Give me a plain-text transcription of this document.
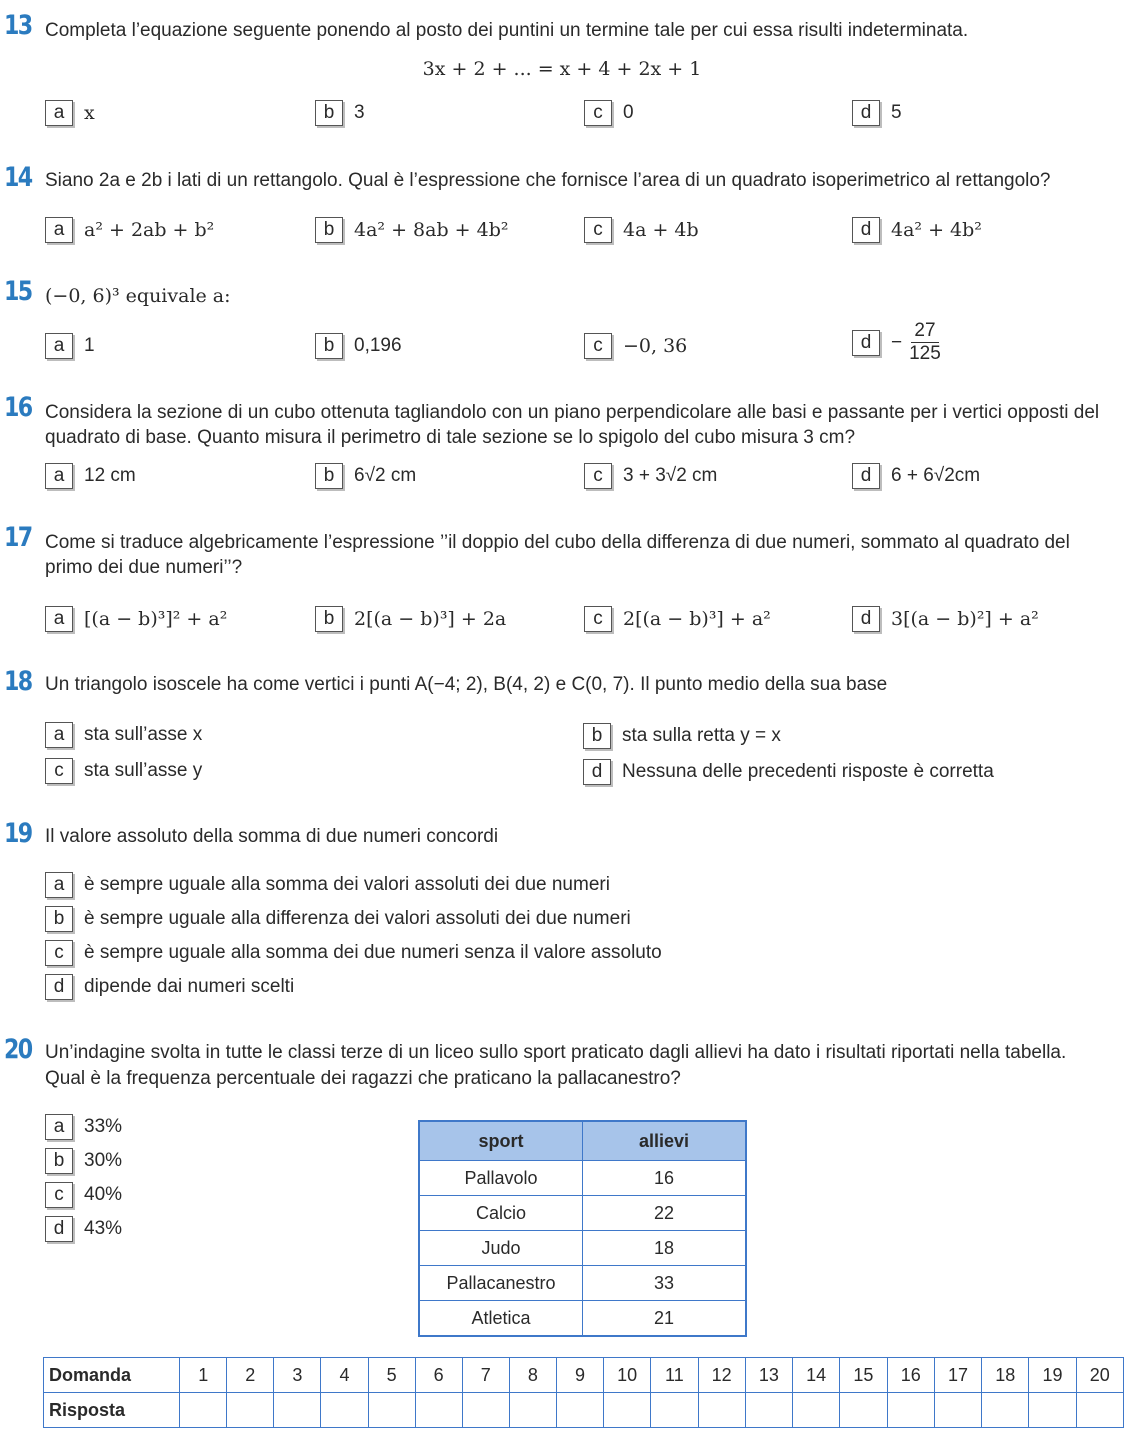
13 Completa l’equazione seguente ponendo al posto dei puntini un termine tale per cui essa risulti indeterminata.
3x + 2 + ... = x + 4 + 2x + 1
a	x	b	3	c	0	d	5
14 Siano 2a e 2b i lati di un rettangolo. Qual è l’espressione che fornisce l’area di un quadrato isoperimetrico al rettangolo?
a	a² + 2ab + b²	b	4a² + 8ab + 4b²	c	4a + 4b	d	4a² + 4b²
15 (−0, 6)³ equivale a:
a	1	b	0,196	c	−0, 36	d	− $\frac{27}{125}$
16 Considera la sezione di un cubo ottenuta tagliandolo con un piano perpendicolare alle basi e passante per i vertici opposti del quadrato di base. Quanto misura il perimetro di tale sezione se lo spigolo del cubo misura 3 cm?
a	12 cm	b	6√2 cm	c	3 + 3√2 cm	d	6 + 6√2cm
17 Come si traduce algebricamente l’espressione ’’il doppio del cubo della differenza di due numeri, sommato al quadrato del primo dei due numeri’’?
a	[(a − b)³]² + a²	b	2[(a − b)³] + 2a	c	2[(a − b)³] + a²	d	3[(a − b)²] + a²
18 Un triangolo isoscele ha come vertici i punti A(−4; 2), B(4, 2) e C(0, 7). Il punto medio della sua base
a	sta sull’asse x	b	sta sulla retta y = x
c	sta sull’asse y	d	Nessuna delle precedenti risposte è corretta
19 Il valore assoluto della somma di due numeri concordi
a	è sempre uguale alla somma dei valori assoluti dei due numeri
b	è sempre uguale alla differenza dei valori assoluti dei due numeri
c	è sempre uguale alla somma dei due numeri senza il valore assoluto
d	dipende dai numeri scelti
20 Un’indagine svolta in tutte le classi terze di un liceo sullo sport praticato dagli allievi ha dato i risultati riportati nella tabella.
Qual è la frequenza percentuale dei ragazzi che praticano la pallacanestro?
a	33%
b	30%
c	40%
d	43%
sport	allievi
Pallavolo	16
Calcio	22
Judo	18
Pallacanestro	33
Atletica	21
Domanda	1	2	3	4	5	6	7	8	9	10	11	12	13	14	15	16	17	18	19	20
Risposta																				
